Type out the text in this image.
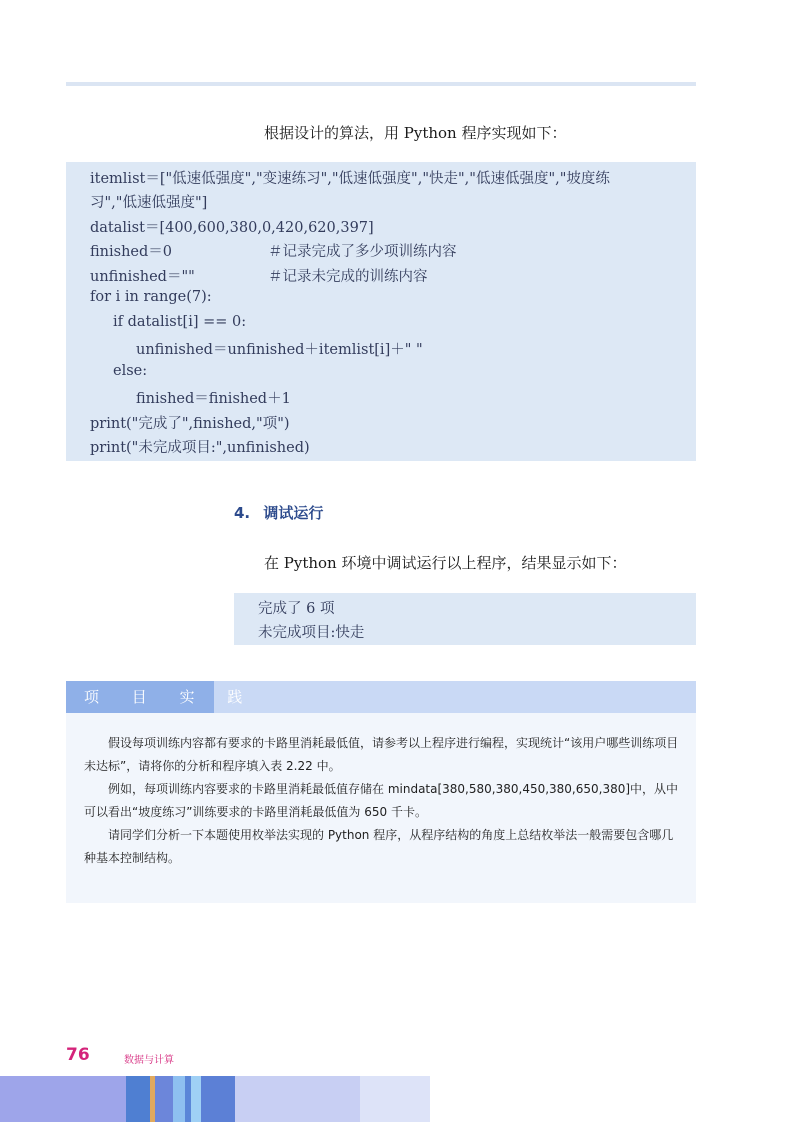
根据设计的算法，用 Python 程序实现如下：
itemlist＝["低速低强度","变速练习","低速低强度","快走","低速低强度","坡度练
习","低速低强度"]
datalist＝[400,600,380,0,420,620,397]
finished＝0	＃记录完成了多少项训练内容
unfinished＝""	＃记录未完成的训练内容
for i in range(7):
if datalist[i] == 0:
unfinished＝unfinished＋itemlist[i]＋" "
else:
finished＝finished＋1
print("完成了",finished,"项")
print("未完成项目:",unfinished)
4. 调试运行
在 Python 环境中调试运行以上程序，结果显示如下：
完成了 6 项
未完成项目:快走
项 目 实 践
假设每项训练内容都有要求的卡路里消耗最低值，请参考以上程序进行编程，实现统计“该用户哪些训练项目未达标”，请将你的分析和程序填入表 2.22 中。
例如，每项训练内容要求的卡路里消耗最低值存储在 mindata[380,580,380,450,380,650,380]中，从中可以看出“坡度练习”训练要求的卡路里消耗最低值为 650 千卡。
请同学们分析一下本题使用枚举法实现的 Python 程序，从程序结构的角度上总结枚举法一般需要包含哪几种基本控制结构。
76	数据与计算
